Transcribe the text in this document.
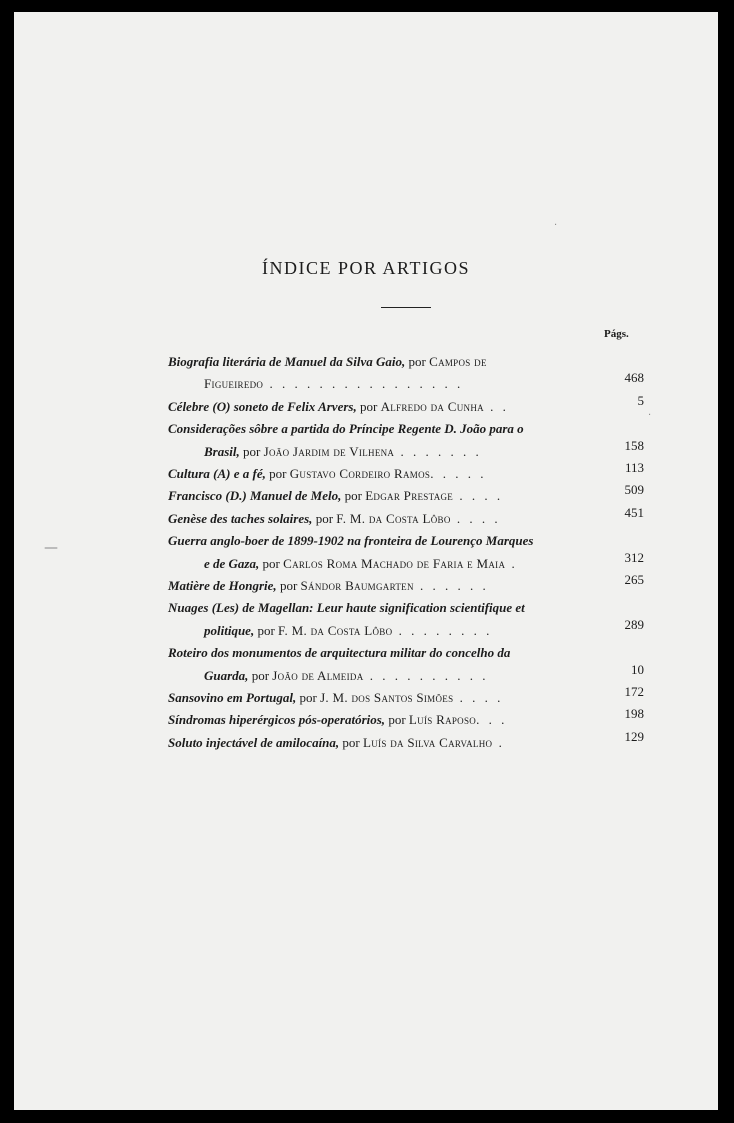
ÍNDICE POR ARTIGOS
Págs.
Biografia literária de Manuel da Silva Gaio, por Campos de
Figueiredo . . . . . . . . . . . . . . . .	468
Célebre (O) soneto de Felix Arvers, por Alfredo da Cunha . .	5
Considerações sôbre a partida do Príncipe Regente D. João para o
Brasil, por João Jardim de Vilhena . . . . . . .	158
Cultura (A) e a fé, por Gustavo Cordeiro Ramos. . . . .	113
Francisco (D.) Manuel de Melo, por Edgar Prestage . . . .	509
Genèse des taches solaires, por F. M. da Costa Lôbo . . . .	451
Guerra anglo-boer de 1899-1902 na fronteira de Lourenço Marques
e de Gaza, por Carlos Roma Machado de Faria e Maia .	312
Matière de Hongrie, por Sándor Baumgarten . . . . . .	265
Nuages (Les) de Magellan: Leur haute signification scientifique et
politique, por F. M. da Costa Lôbo . . . . . . . .	289
Roteiro dos monumentos de arquitectura militar do concelho da
Guarda, por João de Almeida . . . . . . . . . .	10
Sansovino em Portugal, por J. M. dos Santos Simões . . . .	172
Síndromas hiperérgicos pós-operatórios, por Luís Raposo. . .	198
Soluto injectável de amilocaína, por Luís da Silva Carvalho .	129
—
·
·
